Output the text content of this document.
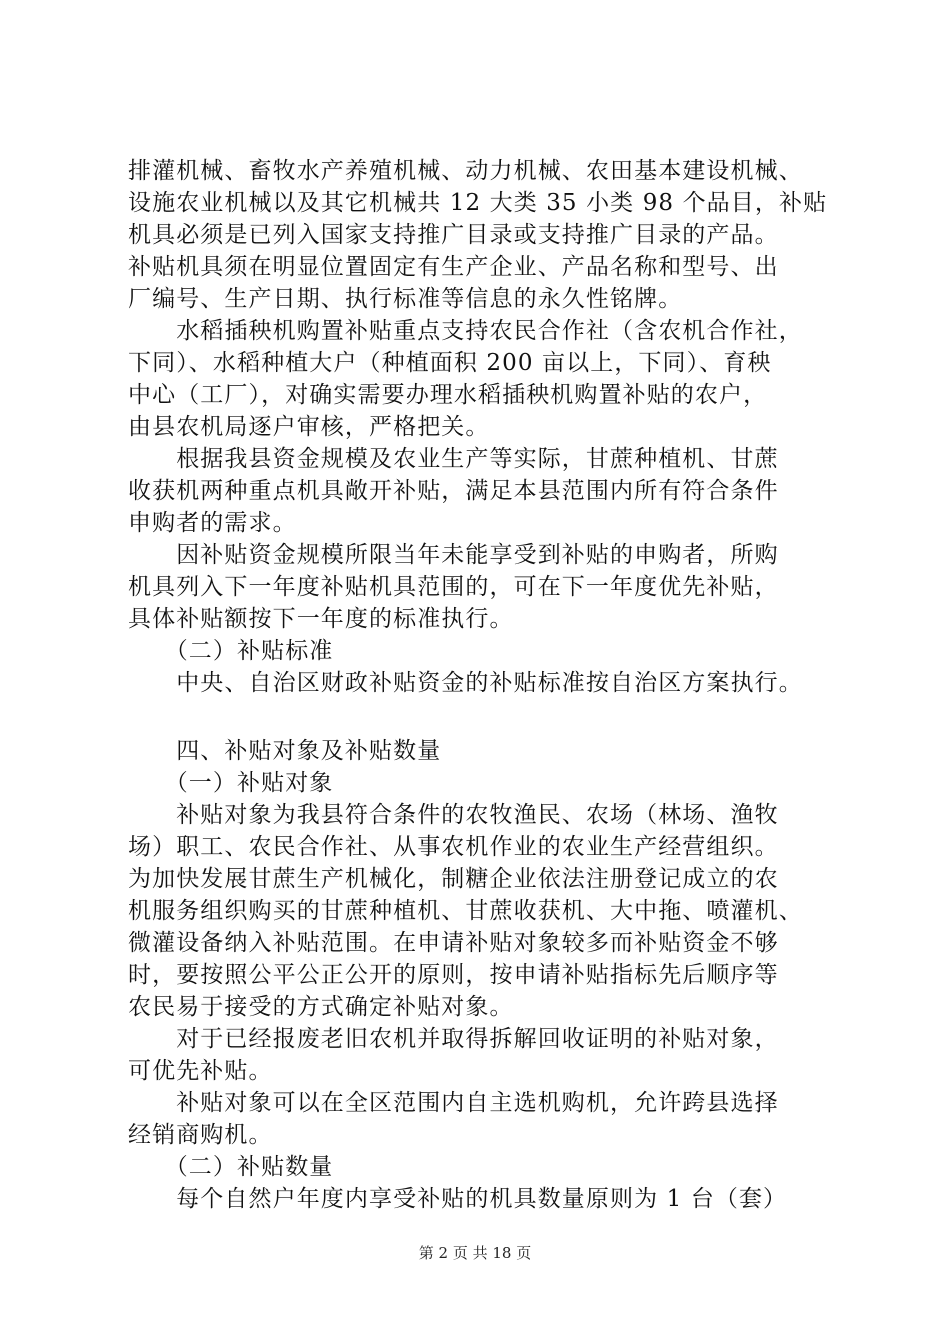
排灌机械、畜牧水产养殖机械、动力机械、农田基本建设机械、
设施农业机械以及其它机械共 12 大类 35 小类 98 个品目，补贴
机具必须是已列入国家支持推广目录或支持推广目录的产品。
补贴机具须在明显位置固定有生产企业、产品名称和型号、出
厂编号、生产日期、执行标准等信息的永久性铭牌。
　　水稻插秧机购置补贴重点支持农民合作社（含农机合作社，
下同）、水稻种植大户（种植面积 200 亩以上，下同）、育秧
中心（工厂），对确实需要办理水稻插秧机购置补贴的农户，
由县农机局逐户审核，严格把关。
　　根据我县资金规模及农业生产等实际，甘蔗种植机、甘蔗
收获机两种重点机具敞开补贴，满足本县范围内所有符合条件
申购者的需求。
　　因补贴资金规模所限当年未能享受到补贴的申购者，所购
机具列入下一年度补贴机具范围的，可在下一年度优先补贴，
具体补贴额按下一年度的标准执行。
　　（二）补贴标准
　　中央、自治区财政补贴资金的补贴标准按自治区方案执行。
　　四、补贴对象及补贴数量
　　（一）补贴对象
　　补贴对象为我县符合条件的农牧渔民、农场（林场、渔牧
场）职工、农民合作社、从事农机作业的农业生产经营组织。
为加快发展甘蔗生产机械化，制糖企业依法注册登记成立的农
机服务组织购买的甘蔗种植机、甘蔗收获机、大中拖、喷灌机、
微灌设备纳入补贴范围。在申请补贴对象较多而补贴资金不够
时，要按照公平公正公开的原则，按申请补贴指标先后顺序等
农民易于接受的方式确定补贴对象。
　　对于已经报废老旧农机并取得拆解回收证明的补贴对象，
可优先补贴。
　　补贴对象可以在全区范围内自主选机购机，允许跨县选择
经销商购机。
　　（二）补贴数量
　　每个自然户年度内享受补贴的机具数量原则为 1 台（套）
第 2 页 共 18 页
